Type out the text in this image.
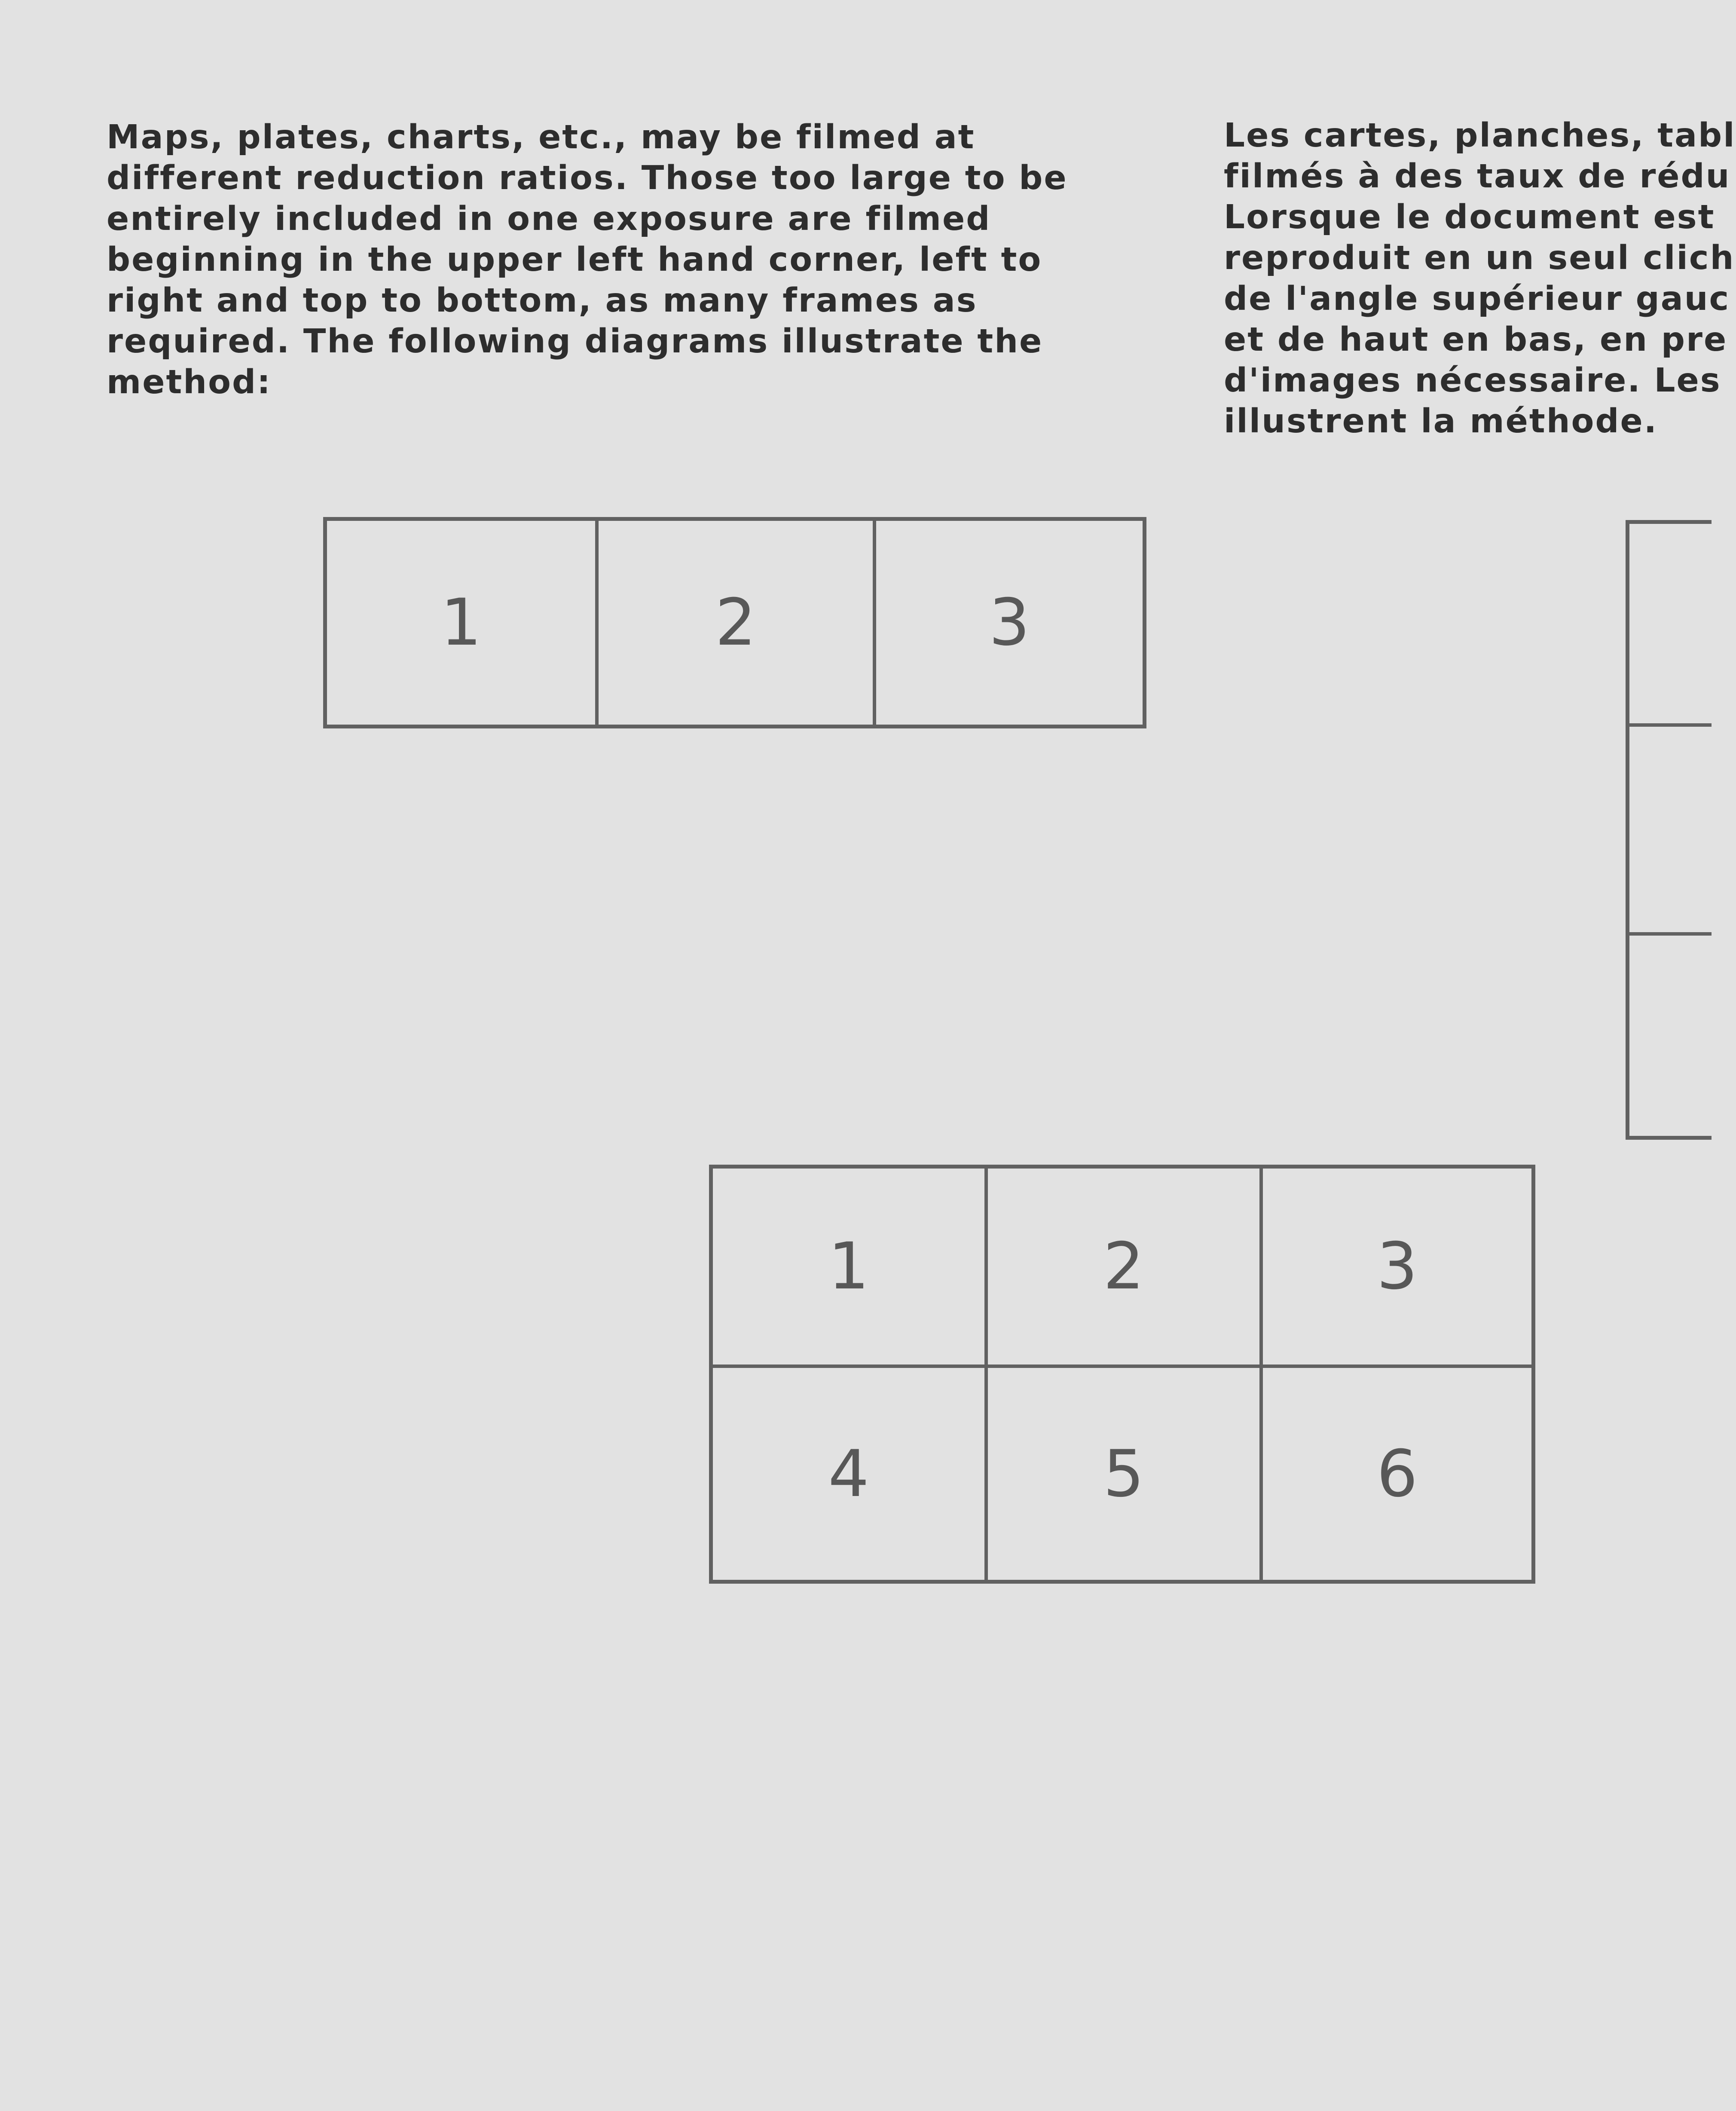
Maps, plates, charts, etc., may be filmed at
different reduction ratios. Those too large to be
entirely included in one exposure are filmed
beginning in the upper left hand corner, left to
right and top to bottom, as many frames as
required. The following diagrams illustrate the
method:

Les cartes, planches, tabl
filmés à des taux de rédu
Lorsque le document est
reproduit en un seul clich
de l'angle supérieur gauc
et de haut en bas, en pre
d'images nécessaire. Les
illustrent la méthode.

1	2	3
1	2	3
4	5	6
